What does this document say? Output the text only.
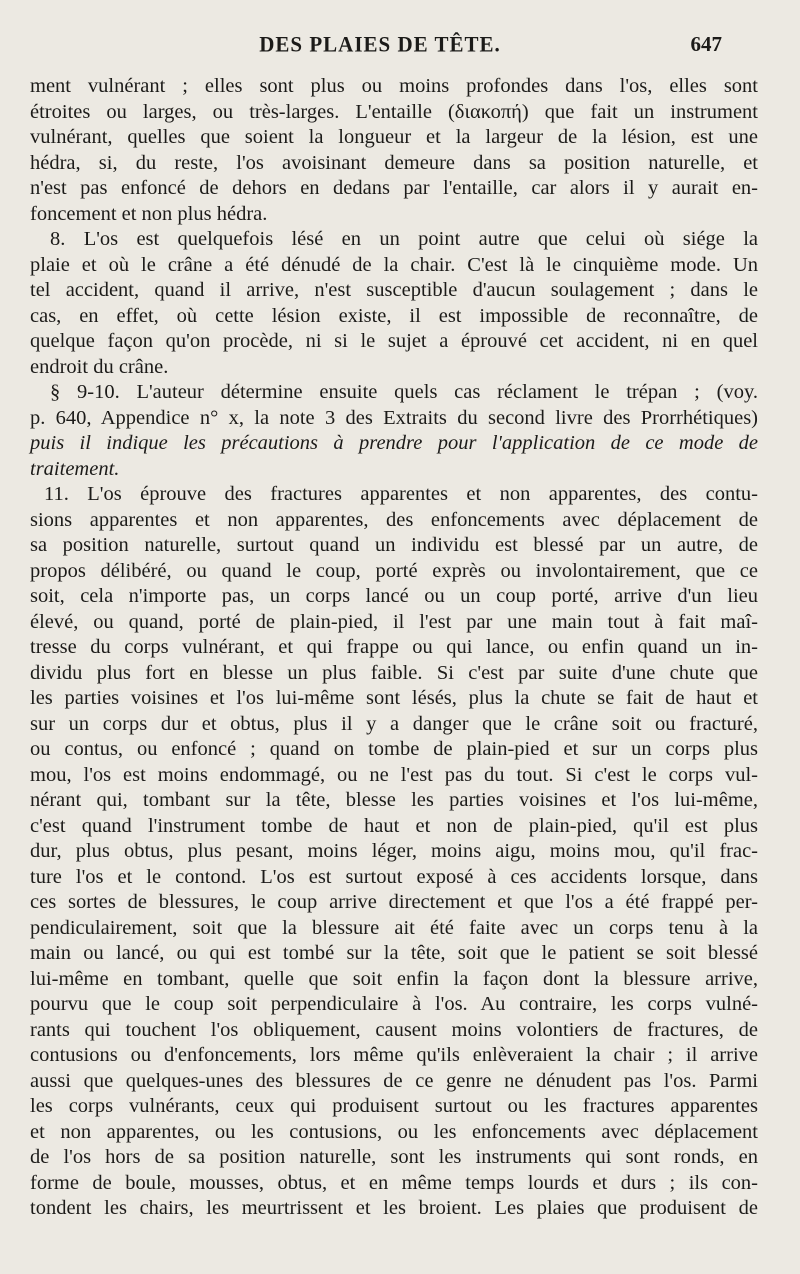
DES PLAIES DE TÊTE.	647
ment vulnérant ; elles sont plus ou moins profondes dans l'os, elles sont
étroites ou larges, ou très-larges. L'entaille (διακοπή) que fait un instrument
vulnérant, quelles que soient la longueur et la largeur de la lésion, est une
hédra, si, du reste, l'os avoisinant demeure dans sa position naturelle, et
n'est pas enfoncé de dehors en dedans par l'entaille, car alors il y aurait en-
foncement et non plus hédra.
8. L'os est quelquefois lésé en un point autre que celui où siége la
plaie et où le crâne a été dénudé de la chair. C'est là le cinquième mode. Un
tel accident, quand il arrive, n'est susceptible d'aucun soulagement ; dans le
cas, en effet, où cette lésion existe, il est impossible de reconnaître, de
quelque façon qu'on procède, ni si le sujet a éprouvé cet accident, ni en quel
endroit du crâne.
§ 9-10. L'auteur détermine ensuite quels cas réclament le trépan ; (voy.
p. 640, Appendice n° x, la note 3 des Extraits du second livre des Prorrhétiques)
puis il indique les précautions à prendre pour l'application de ce mode de
traitement.
11. L'os éprouve des fractures apparentes et non apparentes, des contu-
sions apparentes et non apparentes, des enfoncements avec déplacement de
sa position naturelle, surtout quand un individu est blessé par un autre, de
propos délibéré, ou quand le coup, porté exprès ou involontairement, que ce
soit, cela n'importe pas, un corps lancé ou un coup porté, arrive d'un lieu
élevé, ou quand, porté de plain-pied, il l'est par une main tout à fait maî-
tresse du corps vulnérant, et qui frappe ou qui lance, ou enfin quand un in-
dividu plus fort en blesse un plus faible. Si c'est par suite d'une chute que
les parties voisines et l'os lui-même sont lésés, plus la chute se fait de haut et
sur un corps dur et obtus, plus il y a danger que le crâne soit ou fracturé,
ou contus, ou enfoncé ; quand on tombe de plain-pied et sur un corps plus
mou, l'os est moins endommagé, ou ne l'est pas du tout. Si c'est le corps vul-
nérant qui, tombant sur la tête, blesse les parties voisines et l'os lui-même,
c'est quand l'instrument tombe de haut et non de plain-pied, qu'il est plus
dur, plus obtus, plus pesant, moins léger, moins aigu, moins mou, qu'il frac-
ture l'os et le contond. L'os est surtout exposé à ces accidents lorsque, dans
ces sortes de blessures, le coup arrive directement et que l'os a été frappé per-
pendiculairement, soit que la blessure ait été faite avec un corps tenu à la
main ou lancé, ou qui est tombé sur la tête, soit que le patient se soit blessé
lui-même en tombant, quelle que soit enfin la façon dont la blessure arrive,
pourvu que le coup soit perpendiculaire à l'os. Au contraire, les corps vulné-
rants qui touchent l'os obliquement, causent moins volontiers de fractures, de
contusions ou d'enfoncements, lors même qu'ils enlèveraient la chair ; il arrive
aussi que quelques-unes des blessures de ce genre ne dénudent pas l'os. Parmi
les corps vulnérants, ceux qui produisent surtout ou les fractures apparentes
et non apparentes, ou les contusions, ou les enfoncements avec déplacement
de l'os hors de sa position naturelle, sont les instruments qui sont ronds, en
forme de boule, mousses, obtus, et en même temps lourds et durs ; ils con-
tondent les chairs, les meurtrissent et les broient. Les plaies que produisent de
